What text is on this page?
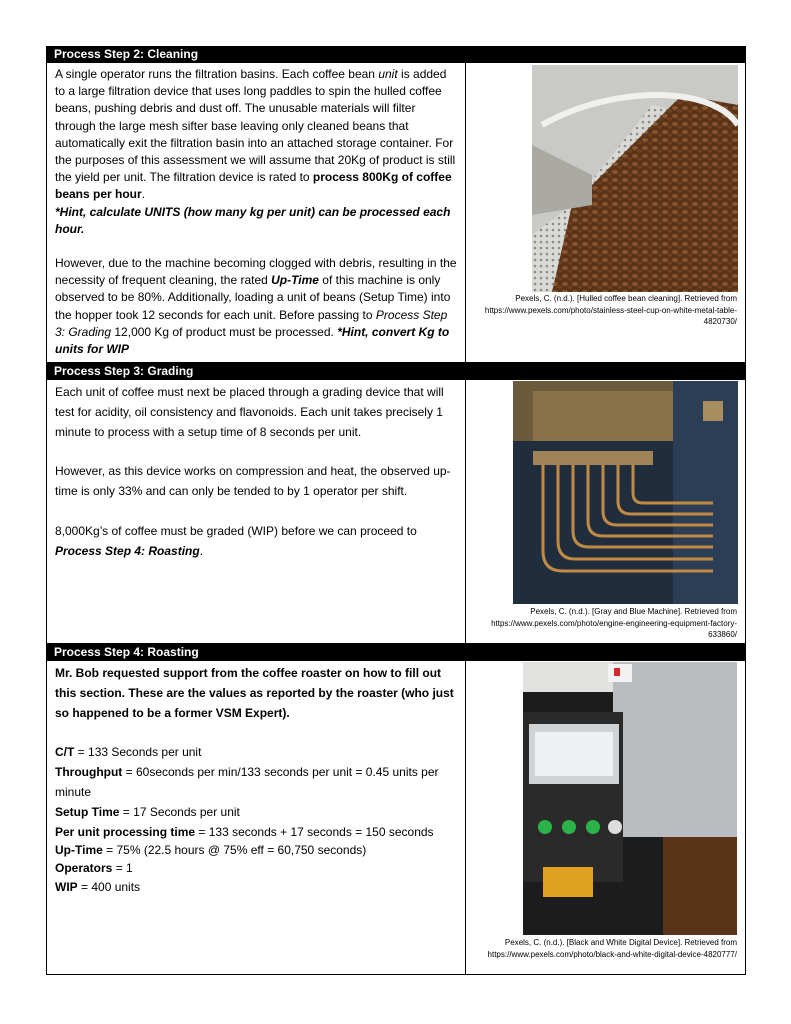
Process Step 2: Cleaning

A single operator runs the filtration basins. Each coffee bean unit is added to a large filtration device that uses long paddles to spin the hulled coffee beans, pushing debris and dust off. The unusable materials will filter through the large mesh sifter base leaving only cleaned beans that automatically exit the filtration basin into an attached storage container. For the purposes of this assessment we will assume that 20Kg of product is still the yield per unit. The filtration device is rated to process 800Kg of coffee beans per hour.
*Hint, calculate UNITS (how many kg per unit) can be processed each hour.

However, due to the machine becoming clogged with debris, resulting in the necessity of frequent cleaning, the rated Up-Time of this machine is only observed to be 80%. Additionally, loading a unit of beans (Setup Time) into the hopper took 12 seconds for each unit. Before passing to Process Step 3: Grading 12,000 Kg of product must be processed. *Hint, convert Kg to units for WIP

Pexels, C. (n.d.). [Hulled coffee bean cleaning]. Retrieved from https://www.pexels.com/photo/stainless-steel-cup-on-white-metal-table-4820730/
Process Step 3: Grading

Each unit of coffee must next be placed through a grading device that will test for acidity, oil consistency and flavonoids. Each unit takes precisely 1 minute to process with a setup time of 8 seconds per unit.

However, as this device works on compression and heat, the observed up-time is only 33% and can only be tended to by 1 operator per shift.

8,000Kg’s of coffee must be graded (WIP) before we can proceed to Process Step 4: Roasting.

Pexels, C. (n.d.). [Gray and Blue Machine]. Retrieved from https://www.pexels.com/photo/engine-engineering-equipment-factory-633860/
Process Step 4: Roasting

Mr. Bob requested support from the coffee roaster on how to fill out this section. These are the values as reported by the roaster (who just so happened to be a former VSM Expert).

C/T = 133 Seconds per unit

Throughput = 60seconds per min/133 seconds per unit = 0.45 units per minute

Setup Time = 17 Seconds per unit

Per unit processing time = 133 seconds + 17 seconds = 150 seconds

Up-Time = 75% (22.5 hours @ 75% eff = 60,750 seconds)

Operators = 1

WIP = 400 units

Pexels, C. (n.d.). [Black and White Digital Device]. Retrieved from https://www.pexels.com/photo/black-and-white-digital-device-4820777/
